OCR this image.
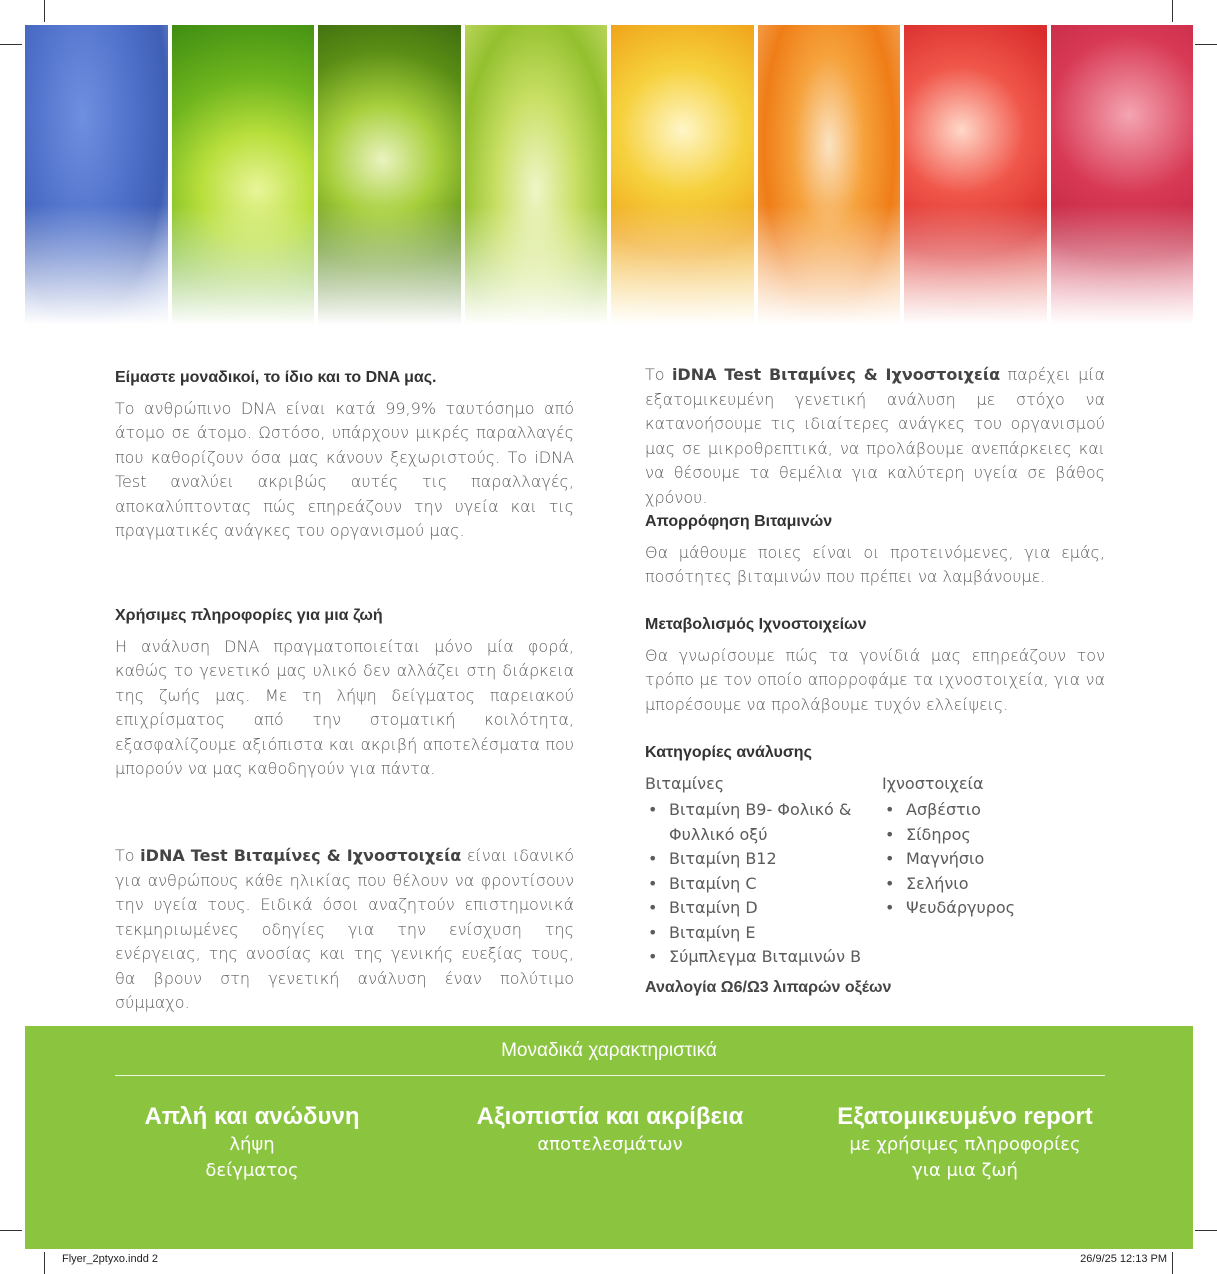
Είμαστε μοναδικοί, το ίδιο και το DNA μας.

Το ανθρώπινο DNA είναι κατά 99,9% ταυτόσημο από άτομο σε άτομο. Ωστόσο, υπάρχουν μικρές παραλλαγές που καθορίζουν όσα μας κάνουν ξεχωριστούς. Το iDNA Test αναλύει ακριβώς αυτές τις παραλλαγές, αποκαλύπτοντας πώς επηρεάζουν την υγεία και τις πραγματικές ανάγκες του οργανισμού μας.

Χρήσιμες πληροφορίες για μια ζωή

Η ανάλυση DNA πραγματοποιείται μόνο μία φορά, καθώς το γενετικό μας υλικό δεν αλλάζει στη διάρκεια της ζωής μας. Με τη λήψη δείγματος παρειακού επιχρίσματος από την στοματική κοιλότητα, εξασφαλίζουμε αξιόπιστα και ακριβή αποτελέσματα που μπορούν να μας καθοδηγούν για πάντα.

Το iDNA Test Βιταμίνες & Ιχνοστοιχεία είναι ιδανικό για ανθρώπους κάθε ηλικίας που θέλουν να φροντίσουν την υγεία τους. Ειδικά όσοι αναζητούν επιστημονικά τεκμηριωμένες οδηγίες για την ενίσχυση της ενέργειας, της ανοσίας και της γενικής ευεξίας τους, θα βρουν στη γενετική ανάλυση έναν πολύτιμο σύμμαχο.

Το iDNA Test Βιταμίνες & Ιχνοστοιχεία παρέχει μία εξατομικευμένη γενετική ανάλυση με στόχο να κατανοήσουμε τις ιδιαίτερες ανάγκες του οργανισμού μας σε μικροθρεπτικά, να προλάβουμε ανεπάρκειες και να θέσουμε τα θεμέλια για καλύτερη υγεία σε βάθος χρόνου.

Απορρόφηση Βιταμινών

Θα μάθουμε ποιες είναι οι προτεινόμενες, για εμάς, ποσότητες βιταμινών που πρέπει να λαμβάνουμε.

Μεταβολισμός Ιχνοστοιχείων

Θα γνωρίσουμε πώς τα γονίδιά μας επηρεάζουν τον τρόπο με τον οποίο απορροφάμε τα ιχνοστοιχεία, για να μπορέσουμε να προλάβουμε τυχόν ελλείψεις.

Κατηγορίες ανάλυσης
Βιταμίνες
• Βιταμίνη Β9- Φολικό & Φυλλικό οξύ
• Βιταμίνη Β12
• Βιταμίνη C
• Βιταμίνη D
• Βιταμίνη Ε
• Σύμπλεγμα Βιταμινών Β
Ιχνοστοιχεία
• Ασβέστιο
• Σίδηρος
• Μαγνήσιο
• Σελήνιο
• Ψευδάργυρος
Αναλογία Ω6/Ω3 λιπαρών οξέων
Μοναδικά χαρακτηριστικά
Απλή και ανώδυνη
λήψη
δείγματος
Αξιοπιστία και ακρίβεια
αποτελεσμάτων
Εξατομικευμένο report
με χρήσιμες πληροφορίες
για μια ζωή
Flyer_2ptyxo.indd 2	26/9/25 12:13 PM
